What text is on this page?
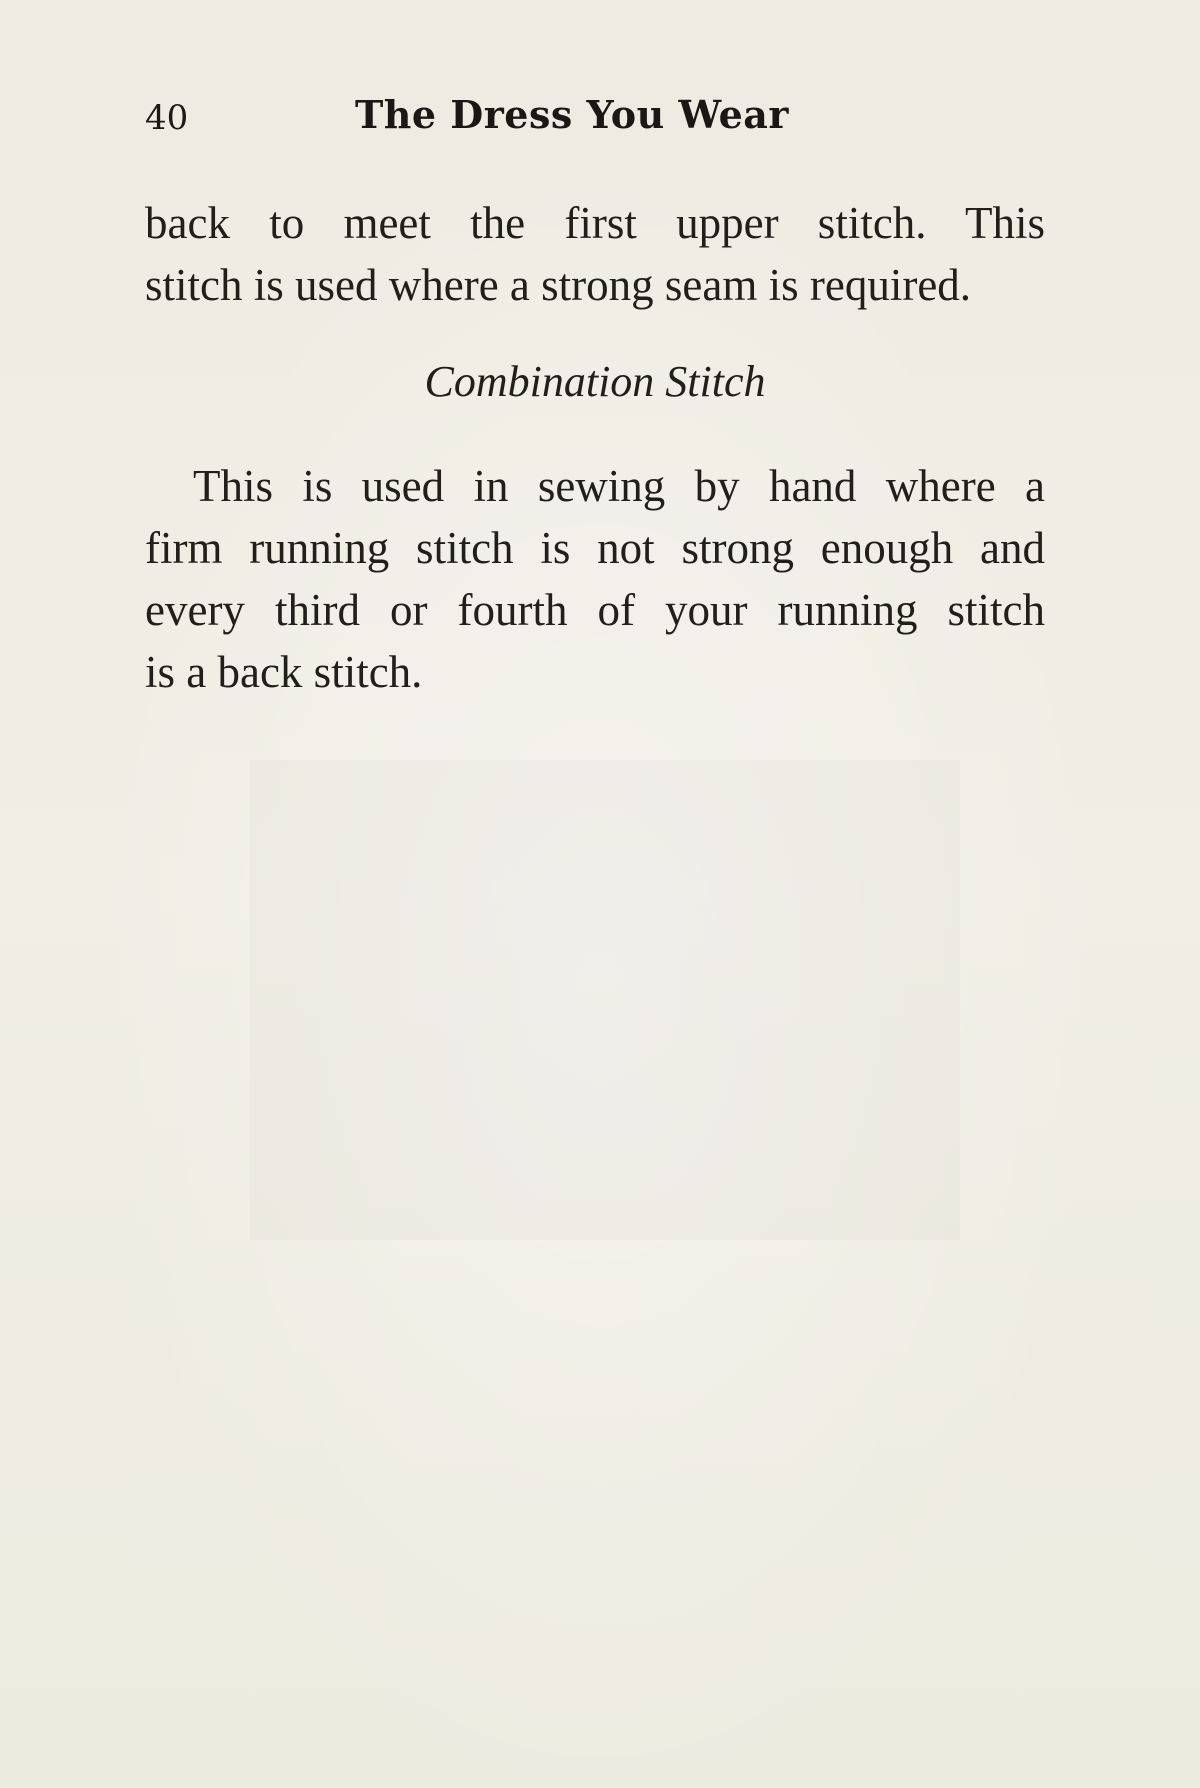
40	The Dress You Wear
back to meet the first upper stitch. This
stitch is used where a strong seam is required.
Combination Stitch
This is used in sewing by hand where a
firm running stitch is not strong enough and
every third or fourth of your running stitch
is a back stitch.
